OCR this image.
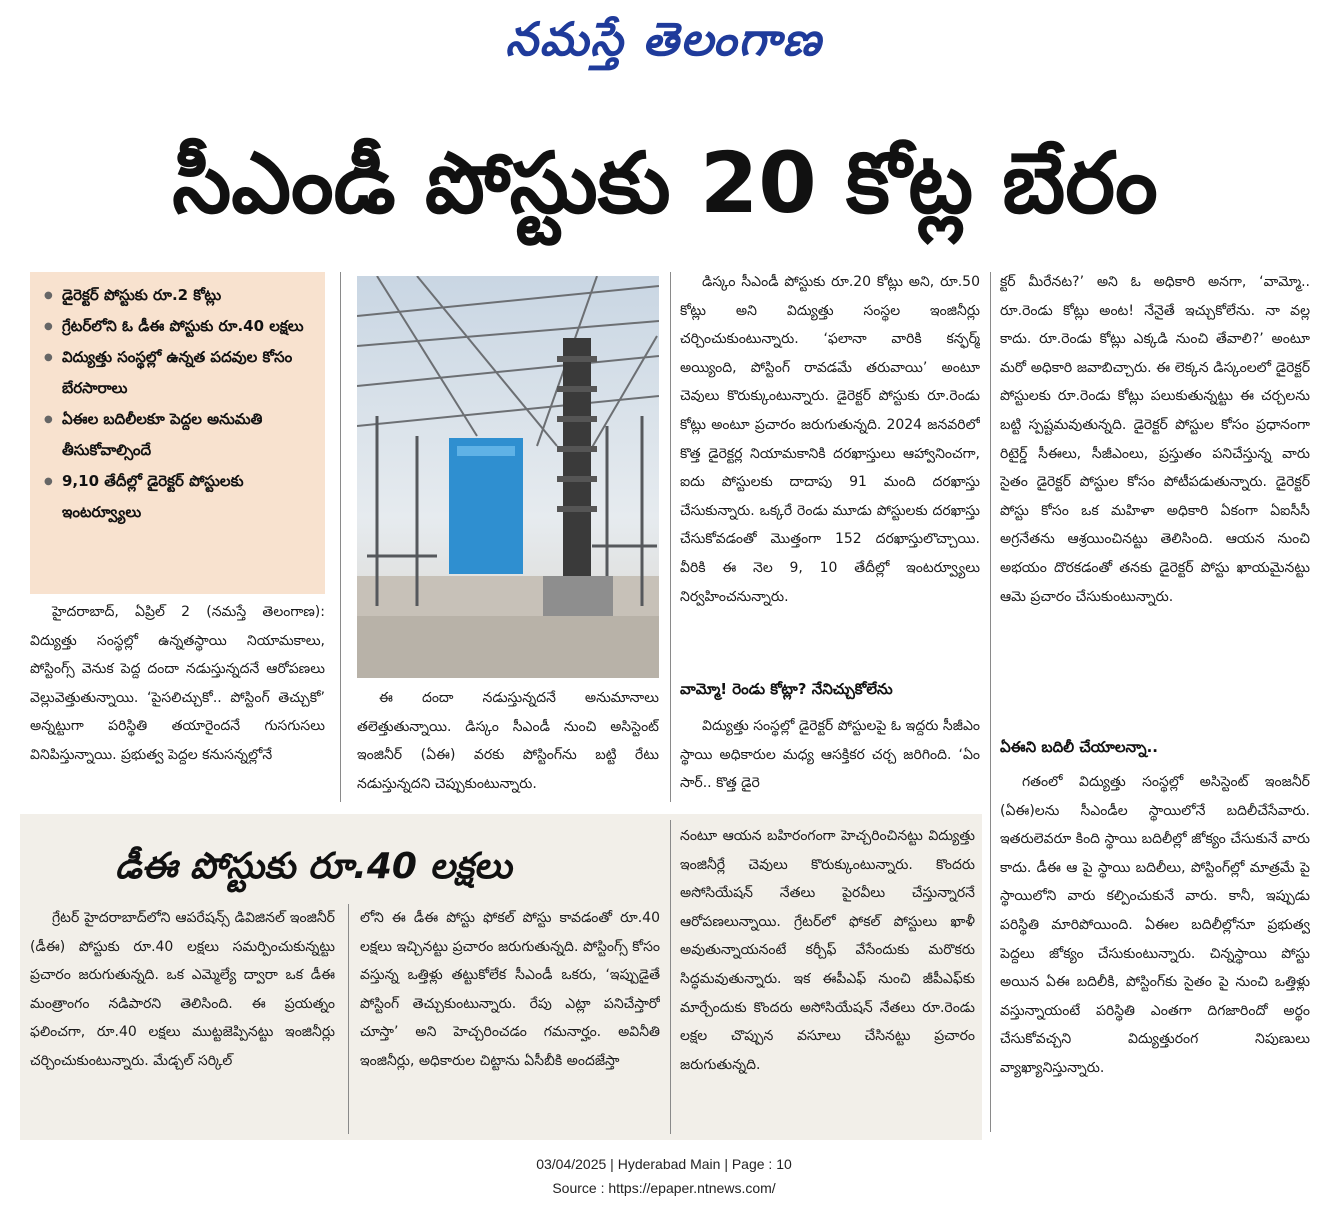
నమస్తే తెలంగాణ
సీఎండీ పోస్టుకు 20 కోట్ల బేరం
● డైరెక్టర్‌ పోస్టుకు రూ.2 కోట్లు
● గ్రేటర్‌లోని ఓ డీఈ పోస్టుకు రూ.40 లక్షలు
● విద్యుత్తు సంస్థల్లో ఉన్నత పదవుల కోసం బేరసారాలు
● ఏఈల బదిలీలకూ పెద్దల అనుమతి తీసుకోవాల్సిందే
● 9,10 తేదీల్లో డైరెక్టర్‌ పోస్టులకు ఇంటర్వ్యూలు

హైదరాబాద్‌, ఏప్రిల్‌ 2 (నమస్తే తెలంగాణ): విద్యుత్తు సంస్థల్లో ఉన్నతస్థాయి నియామకాలు, పోస్టింగ్స్‌ వెనుక పెద్ద దందా నడుస్తున్నదనే ఆరోపణలు వెల్లువెత్తుతున్నాయి. ‘పైసలిచ్చుకో.. పోస్టింగ్‌ తెచ్చుకో’ అన్నట్టుగా పరిస్థితి తయారైందనే గుసగుసలు వినిపిస్తున్నాయి. ప్రభుత్వ పెద్దల కనుసన్నల్లోనే

ఈ దందా నడుస్తున్నదనే అనుమానాలు తలెత్తుతున్నాయి. డిస్కం సీఎండీ నుంచి అసిస్టెంట్‌ ఇంజినీర్‌ (ఏఈ) వరకు పోస్టింగ్‌ను బట్టి రేటు నడుస్తున్నదని చెప్పుకుంటున్నారు.

డిస్కం సీఎండీ పోస్టుకు రూ.20 కోట్లు అని, రూ.50 కోట్లు అని విద్యుత్తు సంస్థల ఇంజినీర్లు చర్చించుకుంటున్నారు. ‘ఫలానా వారికి కన్ఫర్మ్‌ అయ్యింది, పోస్టింగ్‌ రావడమే తరువాయి’ అంటూ చెవులు కొరుక్కుంటున్నారు. డైరెక్టర్‌ పోస్టుకు రూ.రెండు కోట్లు అంటూ ప్రచారం జరుగుతున్నది. 2024 జనవరిలో కొత్త డైరెక్టర్ల నియామకానికి దరఖాస్తులు ఆహ్వానించగా, ఐదు పోస్టులకు దాదాపు 91 మంది దరఖాస్తు చేసుకున్నారు. ఒక్కరే రెండు మూడు పోస్టులకు దరఖాస్తు చేసుకోవడంతో మొత్తంగా 152 దరఖాస్తులొచ్చాయి. వీరికి ఈ నెల 9, 10 తేదీల్లో ఇంటర్వ్యూలు నిర్వహించనున్నారు.

వామ్మో! రెండు కోట్లా? నేనిచ్చుకోలేను

విద్యుత్తు సంస్థల్లో డైరెక్టర్‌ పోస్టులపై ఓ ఇద్దరు సీజీఎం స్థాయి అధికారుల మధ్య ఆసక్తికర చర్చ జరిగింది. ‘ఏం సార్‌.. కొత్త డైరె

క్టర్‌ మీరేనట?’ అని ఓ అధికారి అనగా, ‘వామ్మో.. రూ.రెండు కోట్లు అంట! నేనైతే ఇచ్చుకోలేను. నా వల్ల కాదు. రూ.రెండు కోట్లు ఎక్కడి నుంచి తేవాలి?’ అంటూ మరో అధికారి జవాబిచ్చారు. ఈ లెక్కన డిస్కంలలో డైరెక్టర్‌ పోస్టులకు రూ.రెండు కోట్లు పలుకుతున్నట్టు ఈ చర్చలను బట్టి స్పష్టమవుతున్నది. డైరెక్టర్‌ పోస్టుల కోసం ప్రధానంగా రిటైర్డ్‌ సీఈలు, సీజీఎంలు, ప్రస్తుతం పనిచేస్తున్న వారు సైతం డైరెక్టర్‌ పోస్టుల కోసం పోటీపడుతున్నారు. డైరెక్టర్‌ పోస్టు కోసం ఒక మహిళా అధికారి ఏకంగా ఏఐసీసీ అగ్రనేతను ఆశ్రయించినట్టు తెలిసింది. ఆయన నుంచి అభయం దొరకడంతో తనకు డైరెక్టర్‌ పోస్టు ఖాయమైనట్టు ఆమె ప్రచారం చేసుకుంటున్నారు.

ఏఈని బదిలీ చేయాలన్నా..

గతంలో విద్యుత్తు సంస్థల్లో అసిస్టెంట్‌ ఇంజనీర్‌ (ఏఈ)లను సీఎండీల స్థాయిలోనే బదిలీచేసేవారు. ఇతరులెవరూ కింది స్థాయి బదిలీల్లో జోక్యం చేసుకునే వారు కాదు. డీఈ ఆ పై స్థాయి బదిలీలు, పోస్టింగ్‌ల్లో మాత్రమే పై స్థాయిలోని వారు కల్పించుకునే వారు. కానీ, ఇప్పుడు పరిస్థితి మారిపోయింది. ఏఈల బదిలీల్లోనూ ప్రభుత్వ పెద్దలు జోక్యం చేసుకుంటున్నారు. చిన్నస్థాయి పోస్టు అయిన ఏఈ బదిలీకి, పోస్టింగ్‌కు సైతం పై నుంచి ఒత్తిళ్లు వస్తున్నాయంటే పరిస్థితి ఎంతగా దిగజారిందో అర్థం చేసుకోవచ్చని విద్యుత్తురంగ నిపుణులు వ్యాఖ్యానిస్తున్నారు.

డీఈ పోస్టుకు రూ.40 లక్షలు

గ్రేటర్‌ హైదరాబాద్‌లోని ఆపరేషన్స్‌ డివిజినల్‌ ఇంజినీర్‌ (డీఈ) పోస్టుకు రూ.40 లక్షలు సమర్పించుకున్నట్టు ప్రచారం జరుగుతున్నది. ఒక ఎమ్మెల్యే ద్వారా ఒక డీఈ మంత్రాంగం నడిపారని తెలిసింది. ఈ ప్రయత్నం ఫలించగా, రూ.40 లక్షలు ముట్టజెప్పినట్టు ఇంజినీర్లు చర్చించుకుంటున్నారు. మేడ్చల్‌ సర్కిల్‌

లోని ఈ డీఈ పోస్టు ఫోకల్‌ పోస్టు కావడంతో రూ.40 లక్షలు ఇచ్చినట్టు ప్రచారం జరుగుతున్నది. పోస్టింగ్స్‌ కోసం వస్తున్న ఒత్తిళ్లు తట్టుకోలేక సీఎండీ ఒకరు, ‘ఇప్పుడైతే పోస్టింగ్‌ తెచ్చుకుంటున్నారు. రేపు ఎట్లా పనిచేస్తారో చూస్తా’ అని హెచ్చరించడం గమనార్హం. అవినీతి ఇంజినీర్లు, అధికారుల చిట్టాను ఏసీబీకి అందజేస్తా

నంటూ ఆయన బహిరంగంగా హెచ్చరించినట్టు విద్యుత్తు ఇంజినీర్లే చెవులు కొరుక్కుంటున్నారు. కొందరు అసోసియేషన్‌ నేతలు పైరవీలు చేస్తున్నారనే ఆరోపణలున్నాయి. గ్రేటర్‌లో ఫోకల్‌ పోస్టులు ఖాళీ అవుతున్నాయనంటే కర్చీఫ్‌ వేసేందుకు మరొకరు సిద్ధమవుతున్నారు. ఇక ఈపీఎఫ్‌ నుంచి జీపీఎఫ్‌కు మార్చేందుకు కొందరు అసోసియేషన్‌ నేతలు రూ.రెండు లక్షల చొప్పున వసూలు చేసినట్టు ప్రచారం జరుగుతున్నది.

03/04/2025 | Hyderabad Main | Page : 10
Source : https://epaper.ntnews.com/
